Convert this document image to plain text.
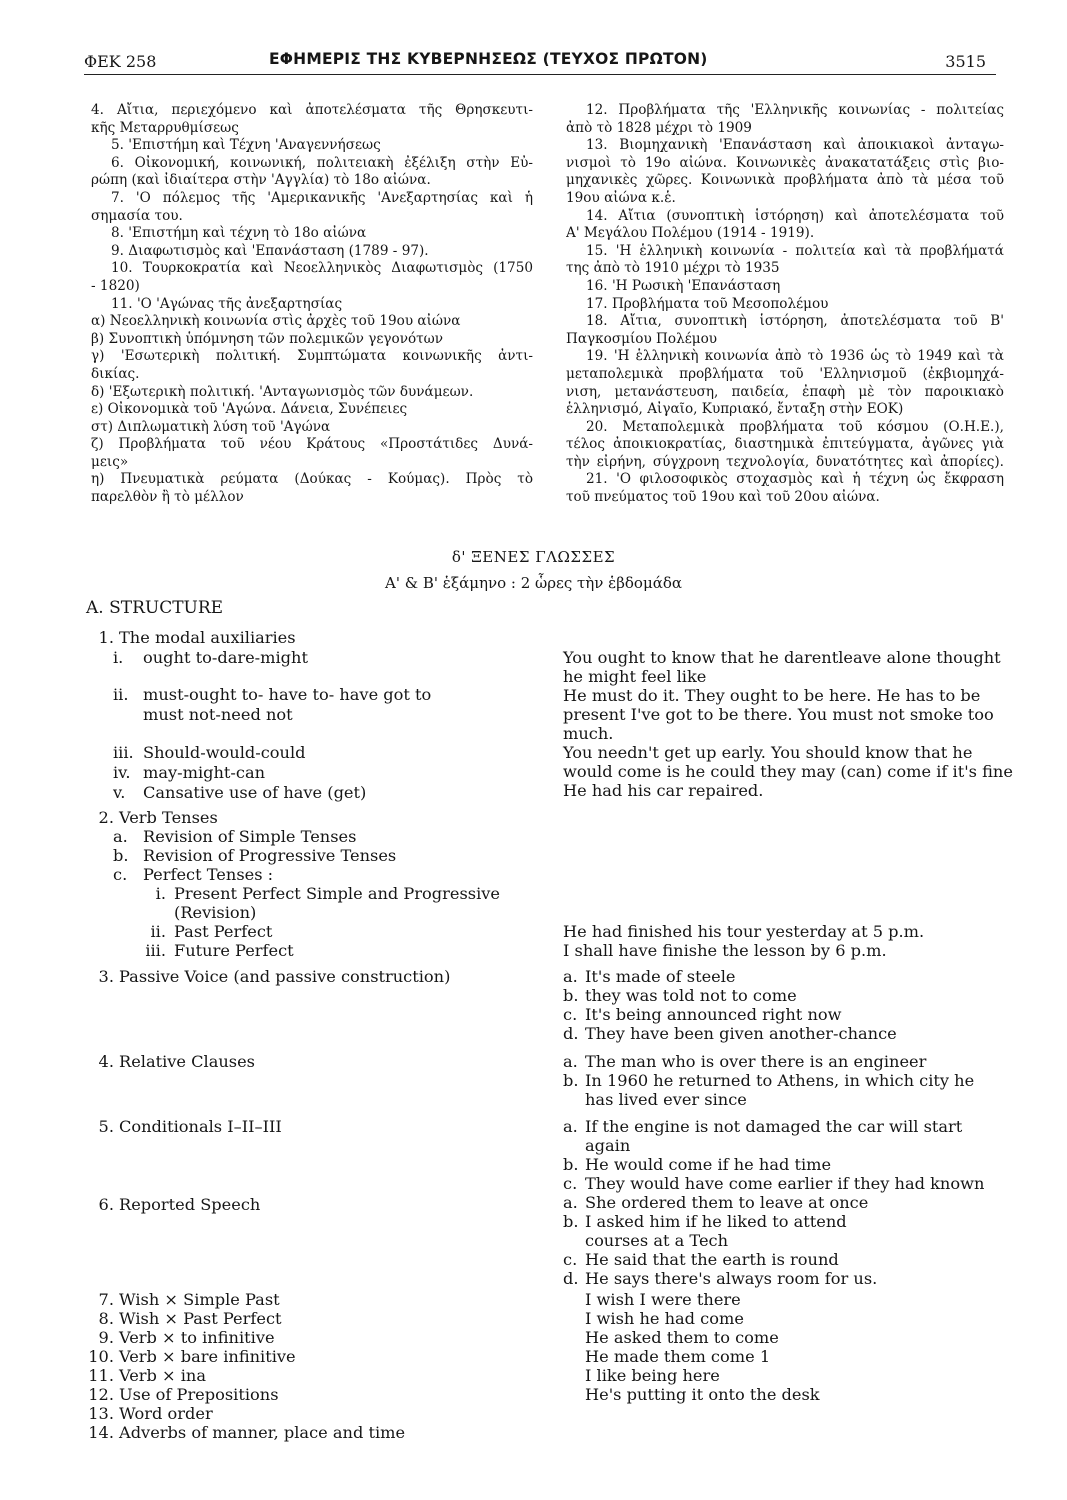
ΦΕΚ 258	ΕΦΗΜΕΡΙΣ ΤΗΣ ΚΥΒΕΡΝΗΣΕΩΣ (ΤΕΥΧΟΣ ΠΡΩΤΟΝ)	3515
4. Αἴτια, περιεχόμενο καὶ ἀποτελέσματα τῆς Θρησκευτι-
κῆς Μεταρρυθμίσεως
5. 'Επιστήμη καὶ Τέχνη 'Αναγεννήσεως
6. Οἰκονομική, κοινωνική, πολιτειακὴ ἐξέλιξη στὴν Εὐ-
ρώπη (καὶ ἰδιαίτερα στὴν 'Αγγλία) τὸ 18ο αἰώνα.
7. 'Ο πόλεμος τῆς 'Αμερικανικῆς 'Ανεξαρτησίας καὶ ἡ
σημασία του.
8. 'Επιστήμη καὶ τέχνη τὸ 18ο αἰώνα
9. Διαφωτισμὸς καὶ 'Επανάσταση (1789 - 97).
10. Τουρκοκρατία καὶ Νεοελληνικὸς Διαφωτισμὸς (1750
- 1820)
11. 'Ο 'Αγώνας τῆς ἀνεξαρτησίας
α) Νεοελληνικὴ κοινωνία στὶς ἀρχὲς τοῦ 19ου αἰώνα
β) Συνοπτικὴ ὑπόμνηση τῶν πολεμικῶν γεγονότων
γ) 'Εσωτερικὴ πολιτική. Συμπτώματα κοινωνικῆς ἀντι-
δικίας.
δ) 'Εξωτερικὴ πολιτική. 'Ανταγωνισμὸς τῶν δυνάμεων.
ε) Οἰκονομικὰ τοῦ 'Αγώνα. Δάνεια, Συνέπειες
στ) Διπλωματικὴ λύση τοῦ 'Αγώνα
ζ) Προβλήματα τοῦ νέου Κράτους «Προστάτιδες Δυνά-
μεις»
η) Πνευματικὰ ρεύματα (Δούκας - Κούμας). Πρὸς τὸ
παρελθὸν ἢ τὸ μέλλον
12. Προβλήματα τῆς 'Ελληνικῆς κοινωνίας - πολιτείας
ἀπὸ τὸ 1828 μέχρι τὸ 1909
13. Βιομηχανικὴ 'Επανάσταση καὶ ἀποικιακοὶ ἀνταγω-
νισμοὶ τὸ 19ο αἰώνα. Κοινωνικὲς ἀνακατατάξεις στὶς βιο-
μηχανικὲς χῶρες. Κοινωνικὰ προβλήματα ἀπὸ τὰ μέσα τοῦ
19ου αἰώνα κ.ἑ.
14. Αἴτια (συνοπτικὴ ἱστόρηση) καὶ ἀποτελέσματα τοῦ
Α' Μεγάλου Πολέμου (1914 - 1919).
15. 'Η ἑλληνικὴ κοινωνία - πολιτεία καὶ τὰ προβλήματά
της ἀπὸ τὸ 1910 μέχρι τὸ 1935
16. 'Η Ρωσικὴ 'Επανάσταση
17. Προβλήματα τοῦ Μεσοπολέμου
18. Αἴτια, συνοπτικὴ ἱστόρηση, ἀποτελέσματα τοῦ Β'
Παγκοσμίου Πολέμου
19. 'Η ἑλληνικὴ κοινωνία ἀπὸ τὸ 1936 ὡς τὸ 1949 καὶ τὰ
μεταπολεμικὰ προβλήματα τοῦ 'Ελληνισμοῦ (ἐκβιομηχά-
νιση, μετανάστευση, παιδεία, ἐπαφὴ μὲ τὸν παροικιακὸ
ἑλληνισμό, Αἰγαῖο, Κυπριακό, ἔνταξη στὴν ΕΟΚ)
20. Μεταπολεμικὰ προβλήματα τοῦ κόσμου (Ο.Η.Ε.),
τέλος ἀποικιοκρατίας, διαστημικὰ ἐπιτεύγματα, ἀγῶνες γιὰ
τὴν εἰρήνη, σύγχρονη τεχνολογία, δυνατότητες καὶ ἀπορίες).
21. 'Ο φιλοσοφικὸς στοχασμὸς καὶ ἡ τέχνη ὡς ἔκφραση
τοῦ πνεύματος τοῦ 19ου καὶ τοῦ 20ου αἰώνα.
δ' ΞΕΝΕΣ ΓΛΩΣΣΕΣ
Α' & Β' ἑξάμηνο : 2 ὧρες τὴν ἑβδομάδα
A. STRUCTURE
1. The modal auxiliaries
i. ought to-dare-might
ii. must-ought to- have to- have got to
must not-need not
iii. Should-would-could
iv. may-might-can
v. Cansative use of have (get)
2. Verb Tenses
a. Revision of Simple Tenses
b. Revision of Progressive Tenses
c. Perfect Tenses :
i. Present Perfect Simple and Progressive
(Revision)
ii. Past Perfect
iii. Future Perfect
3. Passive Voice (and passive construction)
4. Relative Clauses
5. Conditionals I–II–III
6. Reported Speech
7. Wish × Simple Past
8. Wish × Past Perfect
9. Verb × to infinitive
10. Verb × bare infinitive
11. Verb × ina
12. Use of Prepositions
13. Word order
14. Adverbs of manner, place and time
You ought to know that he darentleave alone thought
he might feel like
He must do it. They ought to be here. He has to be
present I've got to be there. You must not smoke too
much.
You needn't get up early. You should know that he
would come is he could they may (can) come if it's fine
He had his car repaired.
He had finished his tour yesterday at 5 p.m.
I shall have finishe the lesson by 6 p.m.
a. It's made of steele
b. they was told not to come
c. It's being announced right now
d. They have been given another-chance
a. The man who is over there is an engineer
b. In 1960 he returned to Athens, in which city he
has lived ever since
a. If the engine is not damaged the car will start
again
b. He would come if he had time
c. They would have come earlier if they had known
a. She ordered them to leave at once
b. I asked him if he liked to attend
courses at a Tech
c. He said that the earth is round
d. He says there's always room for us.
I wish I were there
I wish he had come
He asked them to come
He made them come 1
I like being here
He's putting it onto the desk
